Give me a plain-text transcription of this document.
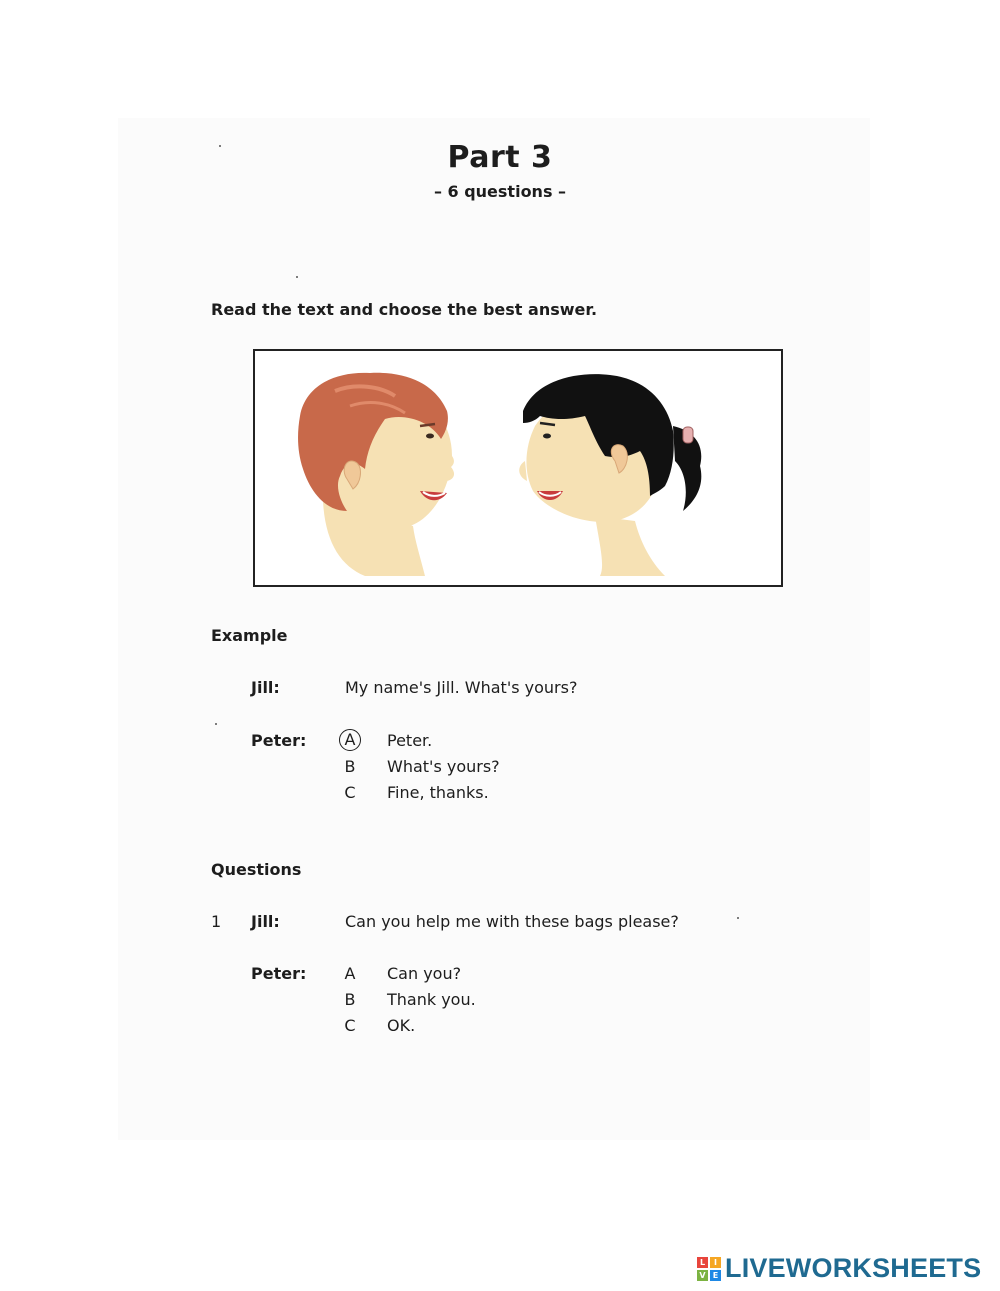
Part 3
– 6 questions –
Read the text and choose the best answer.
Example
Jill:	My name's Jill. What's yours?
Peter:	A	Peter.
B What's yours?
C Fine, thanks.
Questions
1 Jill:	Can you help me with these bags please?
Peter: A Can you?
B Thank you.
C OK.
L	I
V E LIVEWORKSHEETS
